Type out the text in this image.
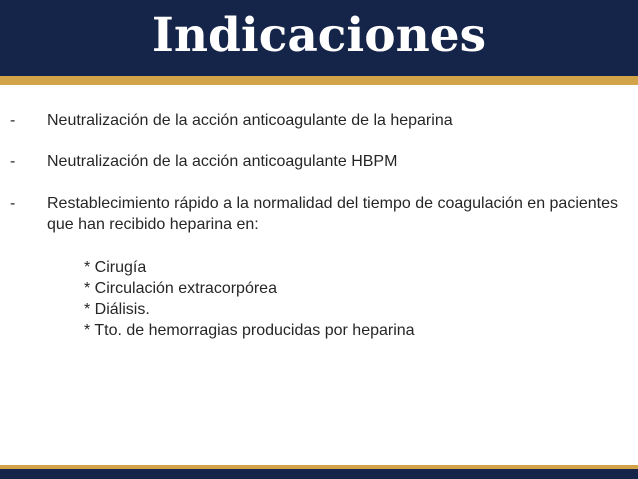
Indicaciones
- Neutralización de la acción anticoagulante de la heparina
- Neutralización de la acción anticoagulante HBPM
- Restablecimiento rápido a la normalidad del tiempo de coagulación en pacientes que han recibido heparina en:
* Cirugía
* Circulación extracorpórea
* Diálisis.
* Tto. de hemorragias producidas por heparina
